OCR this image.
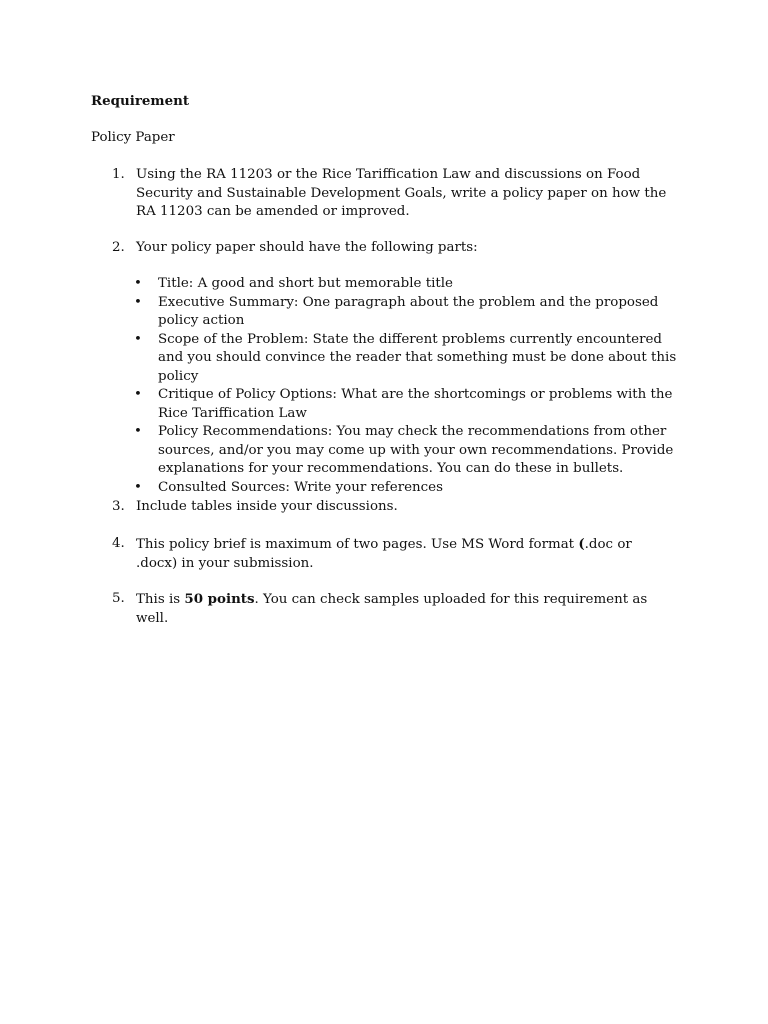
Requirement
Policy Paper
1. Using the RA 11203 or the Rice Tariffication Law and discussions on Food Security and Sustainable Development Goals, write a policy paper on how the RA 11203 can be amended or improved.
2. Your policy paper should have the following parts:
3. Include tables inside your discussions.
4. This policy brief is maximum of two pages. Use MS Word format (.doc or .docx) in your submission.
5. This is 50 points. You can check samples uploaded for this requirement as well.
•	Title: A good and short but memorable title
•	Executive Summary: One paragraph about the problem and the proposed policy action
•	Scope of the Problem: State the different problems currently encountered and you should convince the reader that something must be done about this policy
•	Critique of Policy Options: What are the shortcomings or problems with the Rice Tariffication Law
•	Policy Recommendations: You may check the recommendations from other sources, and/or you may come up with your own recommendations. Provide explanations for your recommendations. You can do these in bullets.
•	Consulted Sources: Write your references
